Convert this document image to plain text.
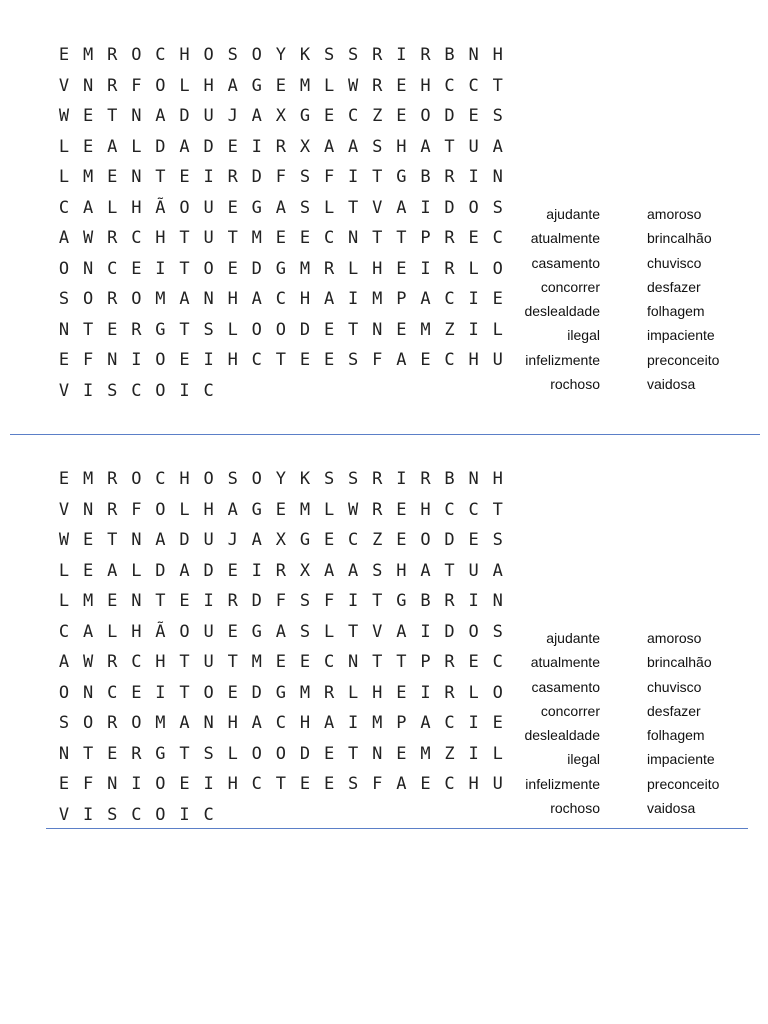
E M R O C H O S O Y K S S R I R B N H
V N R F O L H A G E M L W R E H C C T
W E T N A D U J A X G E C Z E O D E S
L E A L D A D E I R X A A S H A T U A
L M E N T E I R D F S F I T G B R I N
C A L H Ã O U E G A S L T V A I D O S
A W R C H T U T M E E C N T T P R E C
O N C E I T O E D G M R L H E I R L O
S O R O M A N H A C H A I M P A C I E
N T E R G T S L O O D E T N E M Z I L
E F N I O E I H C T E E S F A E C H U
V I S C O I C
ajudante
atualmente
casamento
concorrer
deslealdade
ilegal
infelizmente
rochoso
amoroso
brincalhão
chuvisco
desfazer
folhagem
impaciente
preconceito
vaidosa
E M R O C H O S O Y K S S R I R B N H
V N R F O L H A G E M L W R E H C C T
W E T N A D U J A X G E C Z E O D E S
L E A L D A D E I R X A A S H A T U A
L M E N T E I R D F S F I T G B R I N
C A L H Ã O U E G A S L T V A I D O S
A W R C H T U T M E E C N T T P R E C
O N C E I T O E D G M R L H E I R L O
S O R O M A N H A C H A I M P A C I E
N T E R G T S L O O D E T N E M Z I L
E F N I O E I H C T E E S F A E C H U
V I S C O I C
ajudante
atualmente
casamento
concorrer
deslealdade
ilegal
infelizmente
rochoso
amoroso
brincalhão
chuvisco
desfazer
folhagem
impaciente
preconceito
vaidosa
